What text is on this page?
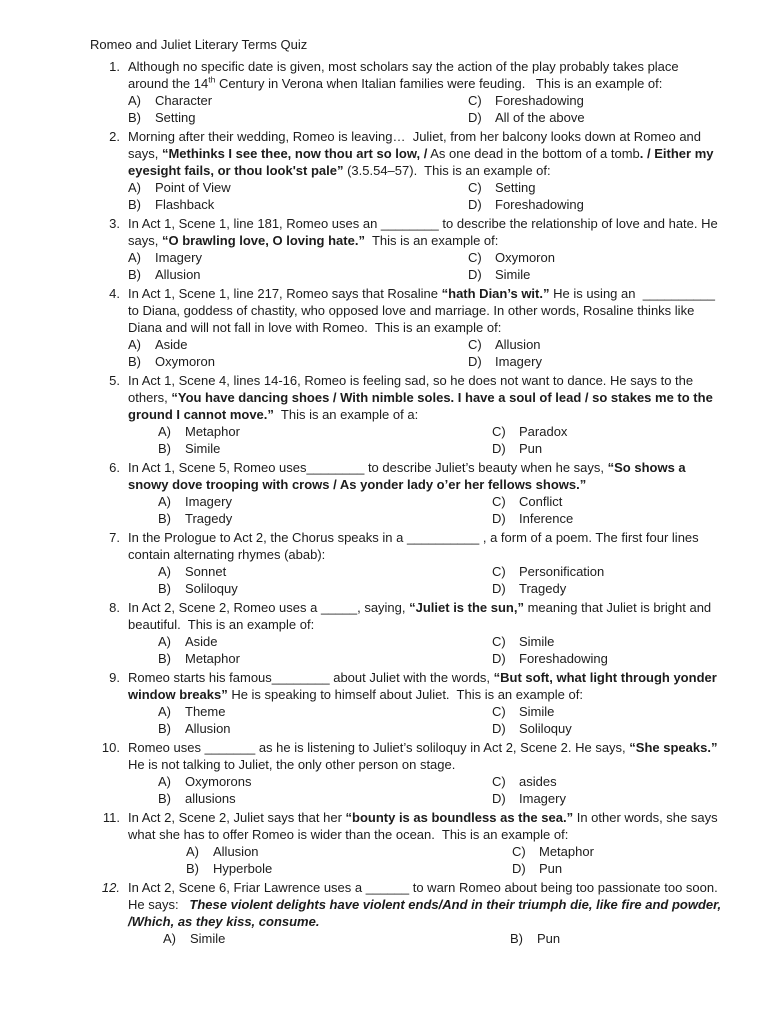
Romeo and Juliet Literary Terms Quiz
1. Although no specific date is given, most scholars say the action of the play probably takes place around the 14th Century in Verona when Italian families were feuding.   This is an example of:
A) Character	C) Foreshadowing
B) Setting	D) All of the above
2. Morning after their wedding, Romeo is leaving…  Juliet, from her balcony looks down at Romeo and says, “Methinks I see thee, now thou art so low, / As one dead in the bottom of a tomb. / Either my eyesight fails, or thou look'st pale” (3.5.54–57).  This is an example of:
A) Point of View	C) Setting
B) Flashback	D) Foreshadowing
3. In Act 1, Scene 1, line 181, Romeo uses an ________ to describe the relationship of love and hate. He says, “O brawling love, O loving hate.”  This is an example of:
A) Imagery	C) Oxymoron
B) Allusion	D) Simile
4. In Act 1, Scene 1, line 217, Romeo says that Rosaline “hath Dian’s wit.” He is using an  __________  to Diana, goddess of chastity, who opposed love and marriage. In other words, Rosaline thinks like Diana and will not fall in love with Romeo.  This is an example of:
A) Aside	C) Allusion
B) Oxymoron	D) Imagery
5. In Act 1, Scene 4, lines 14-16, Romeo is feeling sad, so he does not want to dance. He says to the others, “You have dancing shoes / With nimble soles. I have a soul of lead / so stakes me to the ground I cannot move.”  This is an example of a:
A) Metaphor	C) Paradox
B) Simile	D) Pun
6. In Act 1, Scene 5, Romeo uses________ to describe Juliet’s beauty when he says, “So shows a snowy dove trooping with crows / As yonder lady o’er her fellows shows.”
A) Imagery	C) Conflict
B) Tragedy	D) Inference
7. In the Prologue to Act 2, the Chorus speaks in a __________ , a form of a poem. The first four lines contain alternating rhymes (abab):
A) Sonnet	C) Personification
B) Soliloquy	D) Tragedy
8. In Act 2, Scene 2, Romeo uses a _____, saying, “Juliet is the sun,” meaning that Juliet is bright and beautiful.  This is an example of:
A) Aside	C) Simile
B) Metaphor	D) Foreshadowing
9. Romeo starts his famous________ about Juliet with the words, “But soft, what light through yonder window breaks” He is speaking to himself about Juliet.  This is an example of:
A) Theme	C) Simile
B) Allusion	D) Soliloquy
10. Romeo uses _______ as he is listening to Juliet’s soliloquy in Act 2, Scene 2. He says, “She speaks.” He is not talking to Juliet, the only other person on stage.
A) Oxymorons	C) asides
B) allusions	D) Imagery
11. In Act 2, Scene 2, Juliet says that her “bounty is as boundless as the sea.” In other words, she says what she has to offer Romeo is wider than the ocean.  This is an example of:
A) Allusion	C) Metaphor
B) Hyperbole	D) Pun
12. In Act 2, Scene 6, Friar Lawrence uses a ______ to warn Romeo about being too passionate too soon. He says:   These violent delights have violent ends/And in their triumph die, like fire and powder, /Which, as they kiss, consume.
A) Simile	B) Pun
